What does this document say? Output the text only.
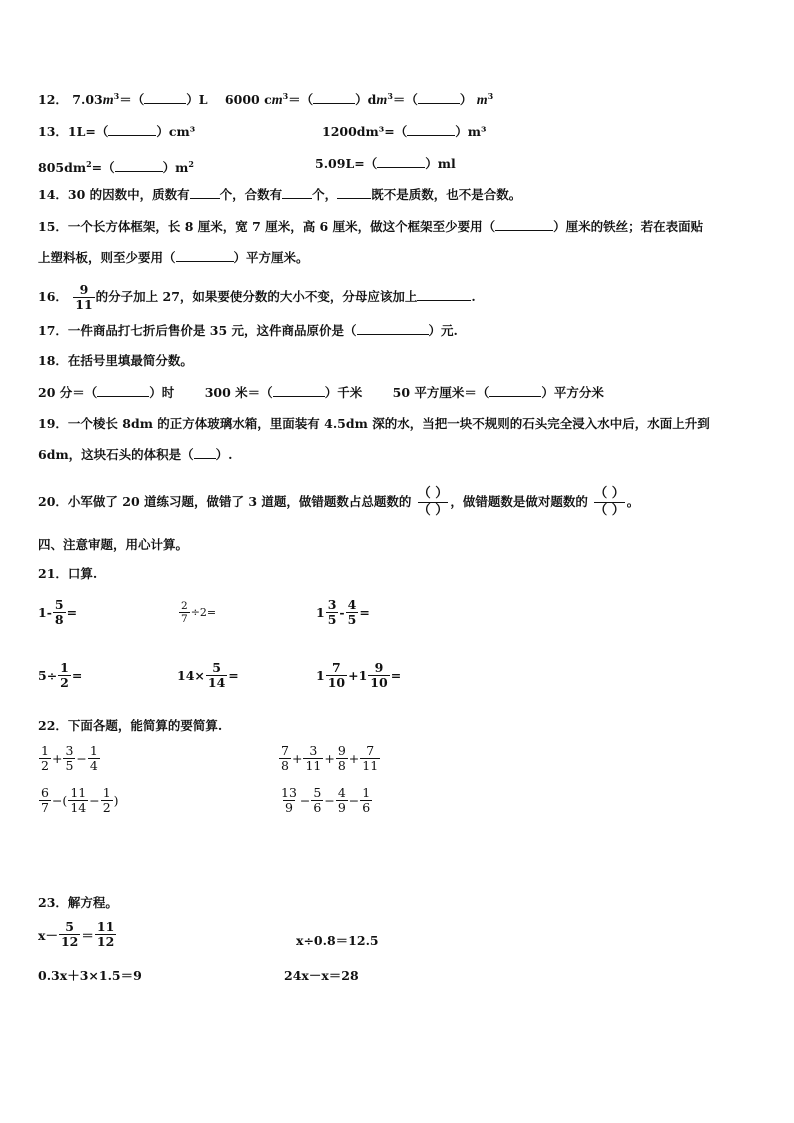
12． $7.03m^3=$（	）L 6000 $cm^3=$（	）$dm^3=$（	） $m^3$
13．1L=（	）cm³	1200dm³=（	）m³
$805dm^2=$（	）$m^2$	5.09L=（	）ml
14．30 的因数中，质数有 个，合数有 个，	既不是质数，也不是合数。
15．一个长方体框架，长 8 厘米，宽 7 厘米，高 6 厘米，做这个框架至少要用（	）厘米的铁丝；若在表面贴
上塑料板，则至少要用（	）平方厘米。
16． $\frac{9}{11}$ 的分子加上 27，如果要使分数的大小不变，分母应该加上	.
17．一件商品打七折后售价是 35 元，这件商品原价是（	）元.
18．在括号里填最简分数。
20 分＝（	）时 300 米＝（	）千米 50 平方厘米＝（	）平方分米
19．一个棱长 8dm 的正方体玻璃水箱，里面装有 4.5dm 深的水，当把一块不规则的石头完全浸入水中后，水面上升到
6dm，这块石头的体积是（ ）.
20．小军做了 20 道练习题，做错了 3 道题，做错题数占总题数的
（ ）
（ ）
，做错题数是做对题数的
（ ）
（ ）
。
四、注意审题，用心计算。
21．口算.
$1- \frac{5}{8}$ =	$\frac{2}{7} \div 2=$	$1 \frac{3}{5} - \frac{4}{5}$ =
$5\div \frac{1}{2}$ =	$14\times \frac{5}{14}$ =	$1 \frac{7}{10} +1 \frac{9}{10}$ =
22．下面各题，能简算的要简算.
$\frac{1}{2} + \frac{3}{5} - \frac{1}{4}$	$\frac{7}{8} + \frac{3}{11} + \frac{9}{8} + \frac{7}{11}$
$\frac{6}{7}$ −( $\frac{11}{14} - \frac{1}{2}$ )	$\frac{13}{9} - \frac{5}{6} - \frac{4}{9} - \frac{1}{6}$
23．解方程。
$x- \frac{5}{12} = \frac{11}{12}$	x÷0.8＝12.5
0.3x＋3×1.5＝9	24x－x＝28
